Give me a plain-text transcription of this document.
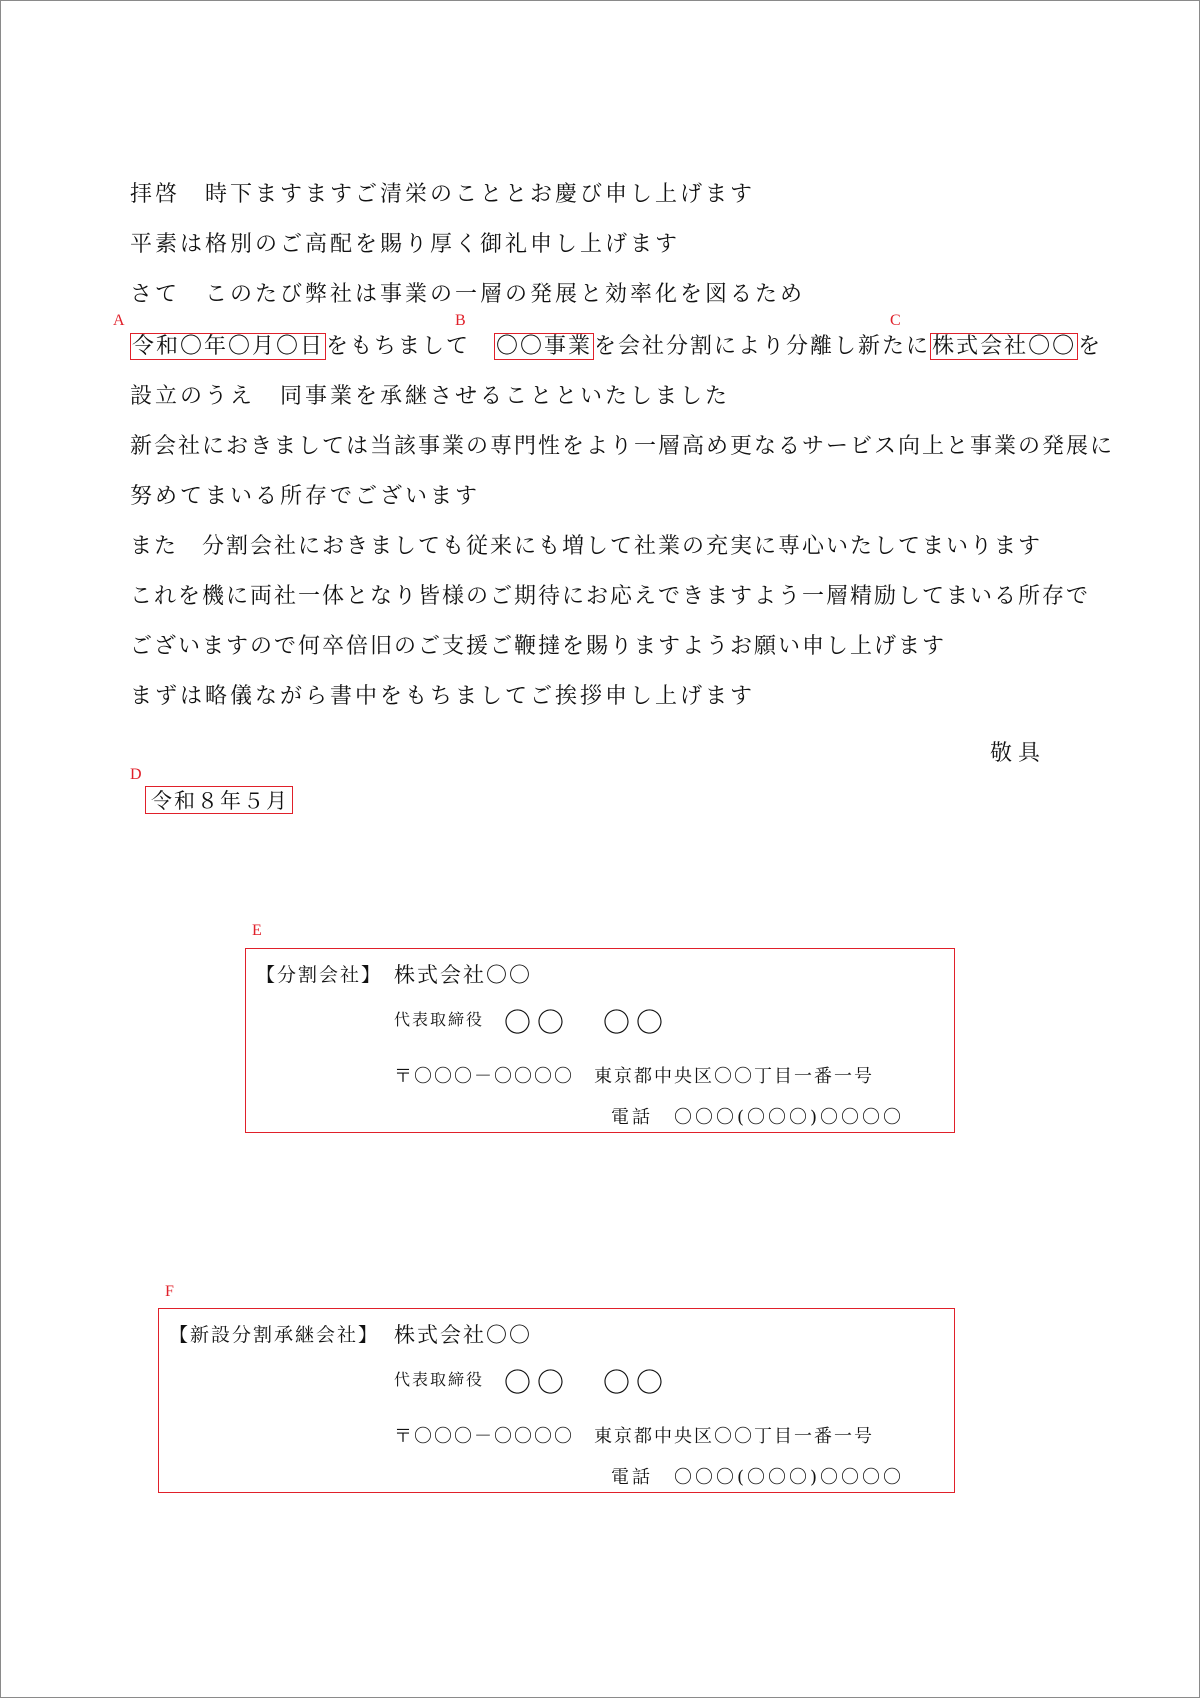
拝啓　時下ますますご清栄のこととお慶び申し上げます
平素は格別のご高配を賜り厚く御礼申し上げます
さて　このたび弊社は事業の一層の発展と効率化を図るため
A	B	C
令和〇年〇月〇日をもちまして　〇〇事業を会社分割により分離し新たに株式会社〇〇を
設立のうえ　同事業を承継させることといたしました
新会社におきましては当該事業の専門性をより一層高め更なるサービス向上と事業の発展に
努めてまいる所存でございます
また　分割会社におきましても従来にも増して社業の充実に専心いたしてまいります
これを機に両社一体となり皆様のご期待にお応えできますよう一層精励してまいる所存で
ございますので何卒倍旧のご支援ご鞭撻を賜りますようお願い申し上げます
まずは略儀ながら書中をもちましてご挨拶申し上げます
敬具
D
令和８年５月
E
【分割会社】 株式会社〇〇
代表取締役 〇〇　〇〇
〒〇〇〇－〇〇〇〇　東京都中央区〇〇丁目一番一号
電話　〇〇〇(〇〇〇)〇〇〇〇
F
【新設分割承継会社】 株式会社〇〇
代表取締役 〇〇　〇〇
〒〇〇〇－〇〇〇〇　東京都中央区〇〇丁目一番一号
電話　〇〇〇(〇〇〇)〇〇〇〇
